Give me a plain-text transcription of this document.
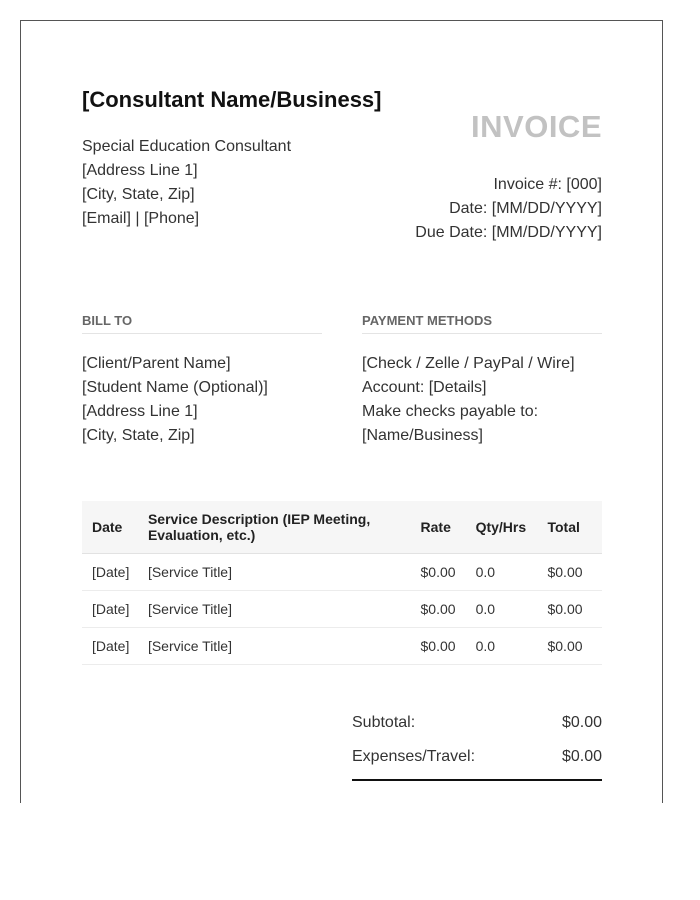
[Consultant Name/Business]
Special Education Consultant
[Address Line 1]
[City, State, Zip]
[Email] | [Phone]
INVOICE
Invoice #: [000]
Date: [MM/DD/YYYY]
Due Date: [MM/DD/YYYY]
BILL TO
[Client/Parent Name]
[Student Name (Optional)]
[Address Line 1]
[City, State, Zip]
PAYMENT METHODS
[Check / Zelle / PayPal / Wire]
Account: [Details]
Make checks payable to:
[Name/Business]
Date	Service Description (IEP Meeting, Evaluation, etc.)	Rate	Qty/Hrs	Total
[Date]	[Service Title]	$0.00	0.0	$0.00
[Date]	[Service Title]	$0.00	0.0	$0.00
[Date]	[Service Title]	$0.00	0.0	$0.00
Subtotal:	$0.00
Expenses/Travel:	$0.00
